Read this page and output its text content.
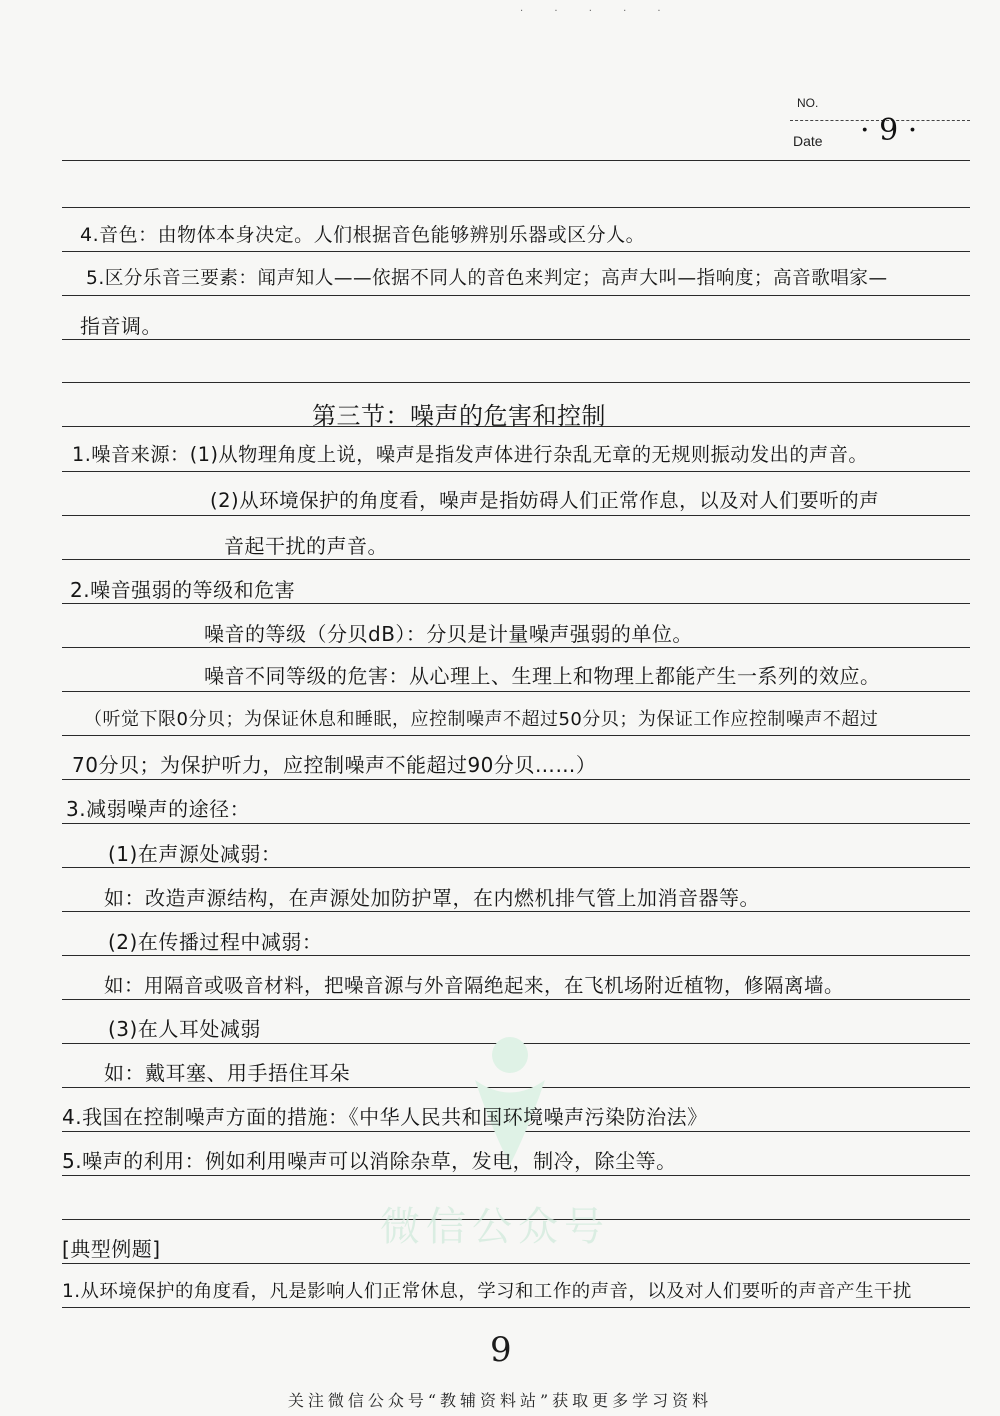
· · · · ·
NO.
Date · 9 ·
微信公众号
4.音色：由物体本身决定。人们根据音色能够辨别乐器或区分人。
5.区分乐音三要素：闻声知人——依据不同人的音色来判定；高声大叫—指响度；高音歌唱家—
指音调。
第三节：噪声的危害和控制
1.噪音来源：(1)从物理角度上说，噪声是指发声体进行杂乱无章的无规则振动发出的声音。
(2)从环境保护的角度看，噪声是指妨碍人们正常作息，以及对人们要听的声
音起干扰的声音。
2.噪音强弱的等级和危害
噪音的等级（分贝dB）：分贝是计量噪声强弱的单位。
噪音不同等级的危害：从心理上、生理上和物理上都能产生一系列的效应。
（听觉下限0分贝；为保证休息和睡眠，应控制噪声不超过50分贝；为保证工作应控制噪声不超过
70分贝；为保护听力，应控制噪声不能超过90分贝……）
3.减弱噪声的途径：
(1)在声源处减弱：
如：改造声源结构，在声源处加防护罩，在内燃机排气管上加消音器等。
(2)在传播过程中减弱：
如：用隔音或吸音材料，把噪音源与外音隔绝起来，在飞机场附近植物，修隔离墙。
(3)在人耳处减弱
如：戴耳塞、用手捂住耳朵
4.我国在控制噪声方面的措施：《中华人民共和国环境噪声污染防治法》
5.噪声的利用：例如利用噪声可以消除杂草，发电，制冷，除尘等。
[典型例题]
1.从环境保护的角度看，凡是影响人们正常休息，学习和工作的声音，以及对人们要听的声音产生干扰
9
关注微信公众号“教辅资料站”获取更多学习资料
